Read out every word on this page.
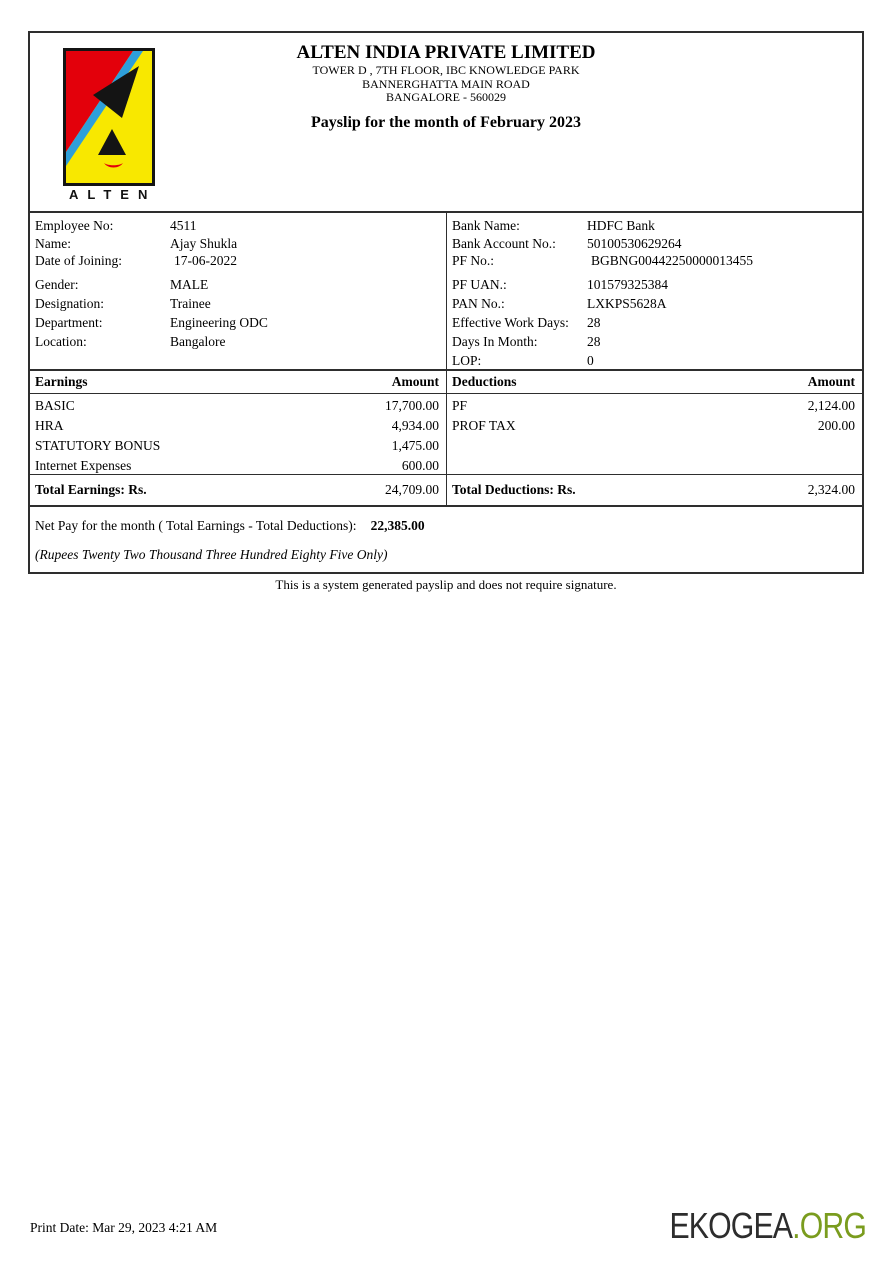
ALTEN
ALTEN INDIA PRIVATE LIMITED
TOWER D , 7TH FLOOR, IBC KNOWLEDGE PARK
BANNERGHATTA MAIN ROAD
BANGALORE - 560029
Payslip for the month of February 2023
Employee No:	4511
Name:	Ajay Shukla
Date of Joining:	17-06-2022
Gender:	MALE
Designation:	Trainee
Department:	Engineering ODC
Location:	Bangalore
Bank Name:	HDFC Bank
Bank Account No.:	50100530629264
PF No.:	BGBNG00442250000013455
PF UAN.:	101579325384
PAN No.:	LXKPS5628A
Effective Work Days:	28
Days In Month:	28
LOP:	0
Earnings	Amount Deductions	Amount
BASIC	17,700.00
HRA	4,934.00
STATUTORY BONUS	1,475.00
Internet Expenses	600.00
PF	2,124.00
PROF TAX	200.00
Total Earnings: Rs.	24,709.00 Total Deductions: Rs.	2,324.00
Net Pay for the month ( Total Earnings - Total Deductions): 22,385.00
(Rupees Twenty Two Thousand Three Hundred Eighty Five Only)
This is a system generated payslip and does not require signature.
Print Date: Mar 29, 2023 4:21 AM	EKOGEA.ORG
